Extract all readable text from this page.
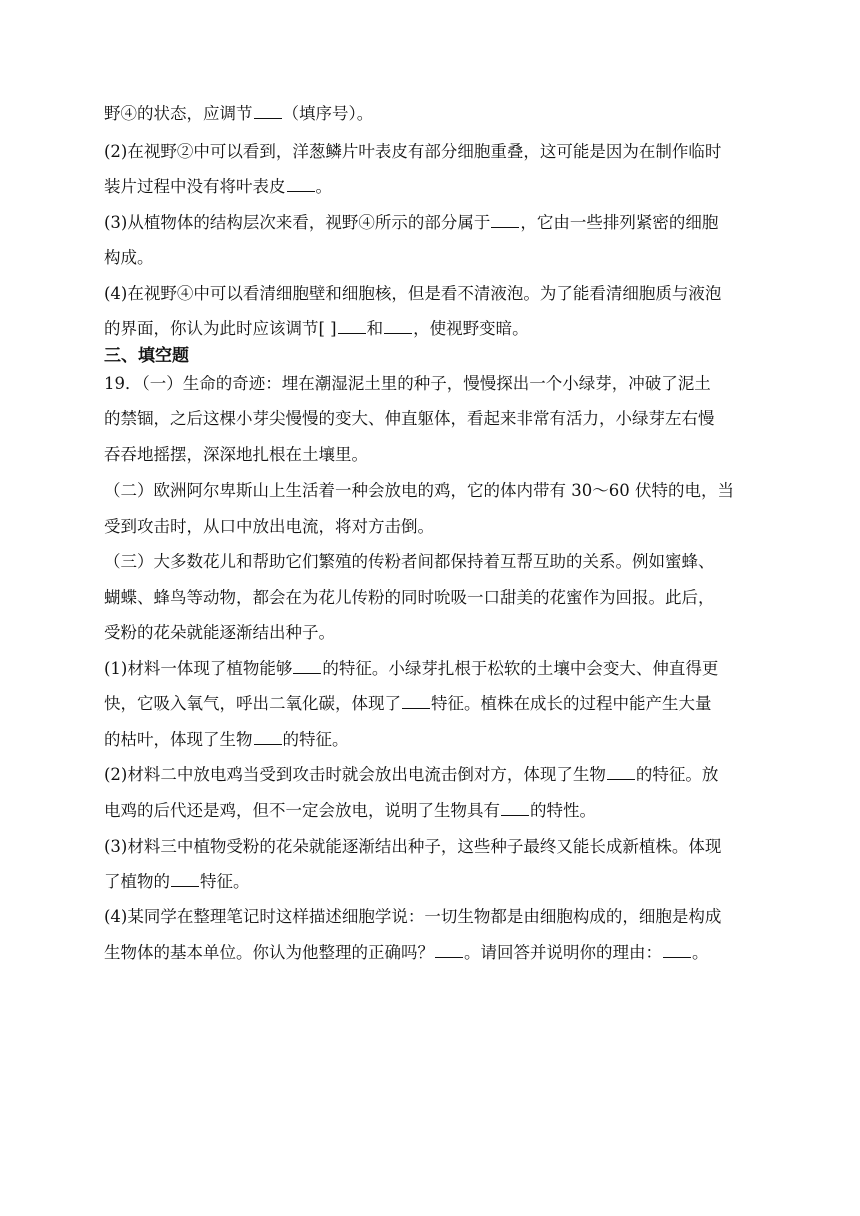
野④的状态，应调节 （填序号）。
(2)在视野②中可以看到，洋葱鳞片叶表皮有部分细胞重叠，这可能是因为在制作临时
装片过程中没有将叶表皮 。
(3)从植物体的结构层次来看，视野④所示的部分属于 ，它由一些排列紧密的细胞
构成。
(4)在视野④中可以看清细胞壁和细胞核，但是看不清液泡。为了能看清细胞质与液泡
的界面，你认为此时应该调节[ ] 和 ，使视野变暗。
三、填空题
19．（一）生命的奇迹：埋在潮湿泥土里的种子，慢慢探出一个小绿芽，冲破了泥土
的禁锢，之后这棵小芽尖慢慢的变大、伸直躯体，看起来非常有活力，小绿芽左右慢
吞吞地摇摆，深深地扎根在土壤里。
（二）欧洲阿尔卑斯山上生活着一种会放电的鸡，它的体内带有 30～60 伏特的电，当
受到攻击时，从口中放出电流，将对方击倒。
（三）大多数花儿和帮助它们繁殖的传粉者间都保持着互帮互助的关系。例如蜜蜂、
蝴蝶、蜂鸟等动物，都会在为花儿传粉的同时吮吸一口甜美的花蜜作为回报。此后，
受粉的花朵就能逐渐结出种子。
(1)材料一体现了植物能够 的特征。小绿芽扎根于松软的土壤中会变大、伸直得更
快，它吸入氧气，呼出二氧化碳，体现了 特征。植株在成长的过程中能产生大量
的枯叶，体现了生物 的特征。
(2)材料二中放电鸡当受到攻击时就会放出电流击倒对方，体现了生物 的特征。放
电鸡的后代还是鸡，但不一定会放电，说明了生物具有 的特性。
(3)材料三中植物受粉的花朵就能逐渐结出种子，这些种子最终又能长成新植株。体现
了植物的 特征。
(4)某同学在整理笔记时这样描述细胞学说：一切生物都是由细胞构成的，细胞是构成
生物体的基本单位。你认为他整理的正确吗？ 。请回答并说明你的理由： 。
